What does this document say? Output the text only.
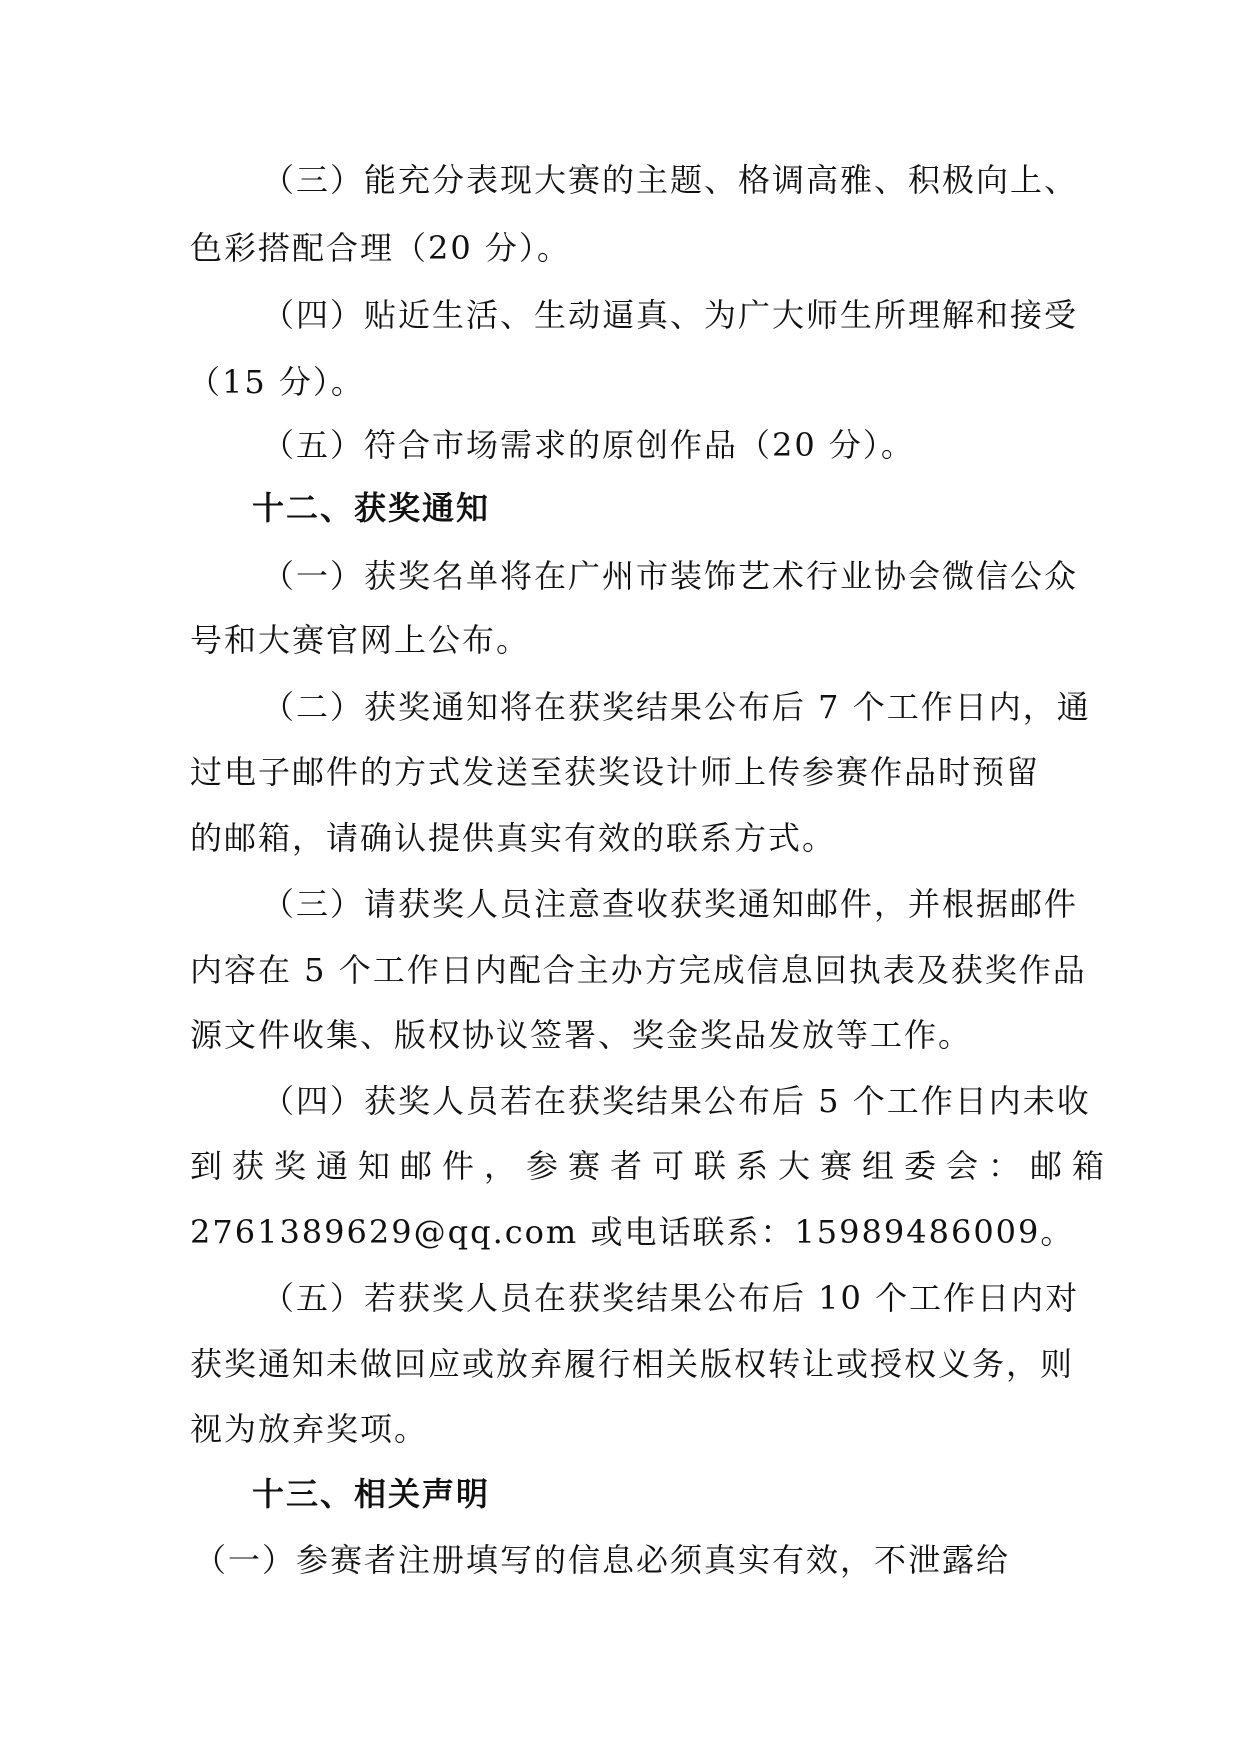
（三）能充分表现大赛的主题、格调高雅、积极向上、
色彩搭配合理（20 分）。
（四）贴近生活、生动逼真、为广大师生所理解和接受
（15 分）。
（五）符合市场需求的原创作品（20 分）。
十二、获奖通知
（一）获奖名单将在广州市装饰艺术行业协会微信公众
号和大赛官网上公布。
（二）获奖通知将在获奖结果公布后 7 个工作日内，通
过电子邮件的方式发送至获奖设计师上传参赛作品时预留
的邮箱，请确认提供真实有效的联系方式。
（三）请获奖人员注意查收获奖通知邮件，并根据邮件
内容在 5 个工作日内配合主办方完成信息回执表及获奖作品
源文件收集、版权协议签署、奖金奖品发放等工作。
（四）获奖人员若在获奖结果公布后 5 个工作日内未收
到获奖通知邮件，参赛者可联系大赛组委会：邮箱
2761389629@qq.com 或电话联系：15989486009。
（五）若获奖人员在获奖结果公布后 10 个工作日内对
获奖通知未做回应或放弃履行相关版权转让或授权义务，则
视为放弃奖项。
十三、相关声明
（一）参赛者注册填写的信息必须真实有效，不泄露给
